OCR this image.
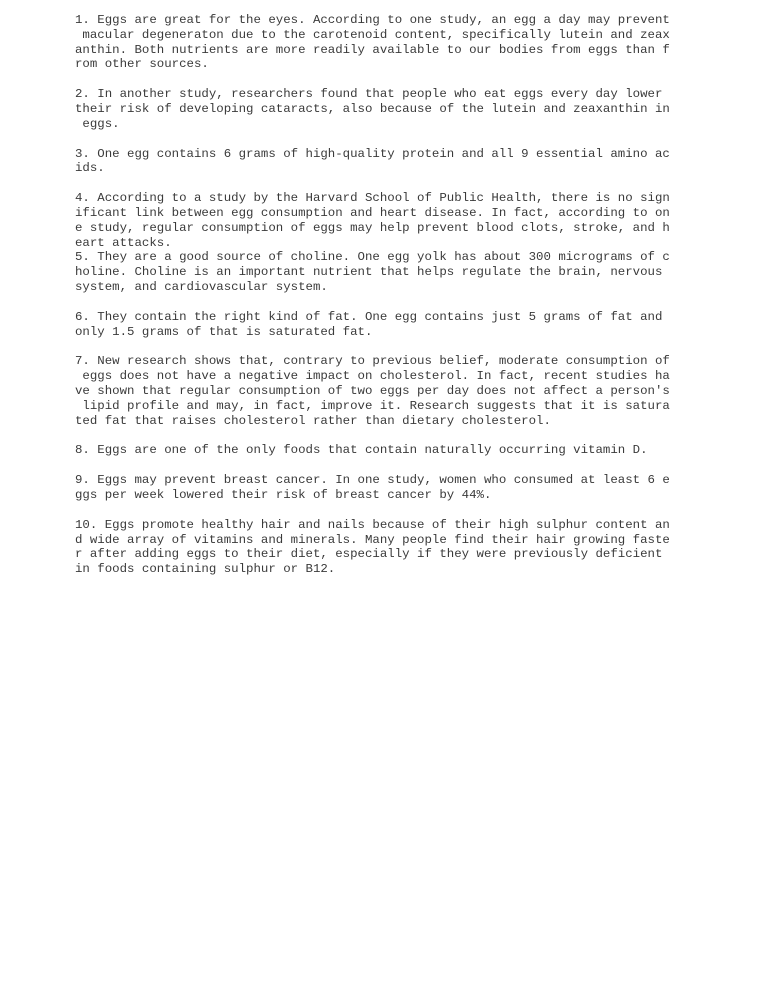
1. Eggs are great for the eyes. According to one study, an egg a day may prevent
macular degeneraton due to the carotenoid content, specifically lutein and zeax
anthin. Both nutrients are more readily available to our bodies from eggs than f
rom other sources.
2. In another study, researchers found that people who eat eggs every day lower
their risk of developing cataracts, also because of the lutein and zeaxanthin in
eggs.
3. One egg contains 6 grams of high-quality protein and all 9 essential amino ac
ids.
4. According to a study by the Harvard School of Public Health, there is no sign
ificant link between egg consumption and heart disease. In fact, according to on
e study, regular consumption of eggs may help prevent blood clots, stroke, and h
eart attacks.
5. They are a good source of choline. One egg yolk has about 300 micrograms of c
holine. Choline is an important nutrient that helps regulate the brain, nervous
system, and cardiovascular system.
6. They contain the right kind of fat. One egg contains just 5 grams of fat and
only 1.5 grams of that is saturated fat.
7. New research shows that, contrary to previous belief, moderate consumption of
eggs does not have a negative impact on cholesterol. In fact, recent studies ha
ve shown that regular consumption of two eggs per day does not affect a person's
lipid profile and may, in fact, improve it. Research suggests that it is satura
ted fat that raises cholesterol rather than dietary cholesterol.
8. Eggs are one of the only foods that contain naturally occurring vitamin D.
9. Eggs may prevent breast cancer. In one study, women who consumed at least 6 e
ggs per week lowered their risk of breast cancer by 44%.
10. Eggs promote healthy hair and nails because of their high sulphur content an
d wide array of vitamins and minerals. Many people find their hair growing faste
r after adding eggs to their diet, especially if they were previously deficient
in foods containing sulphur or B12.
